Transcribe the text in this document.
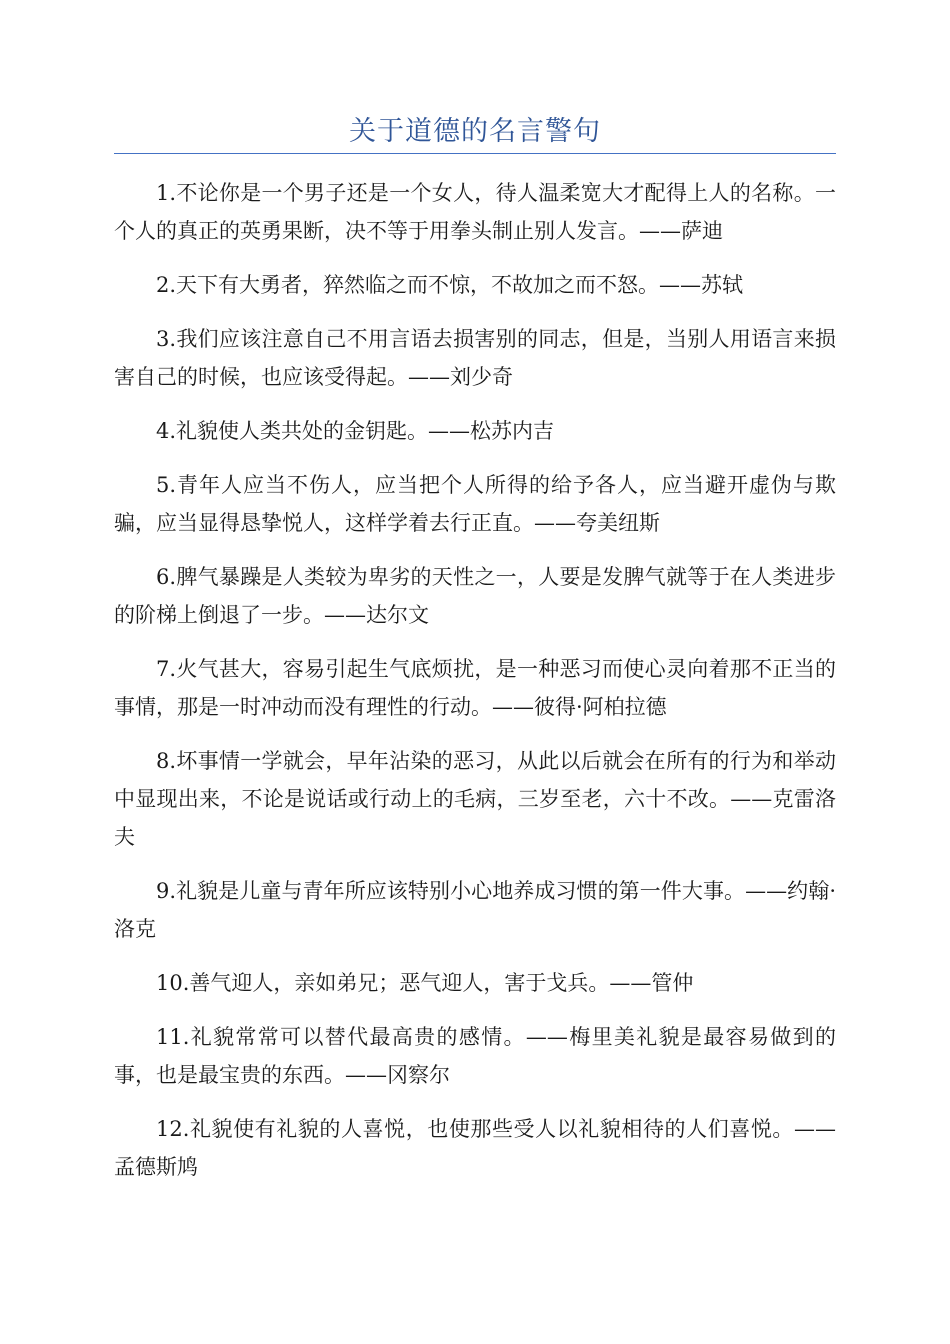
关于道德的名言警句

1.不论你是一个男子还是一个女人，待人温柔宽大才配得上人的名称。一个人的真正的英勇果断，决不等于用拳头制止别人发言。——萨迪

2.天下有大勇者，猝然临之而不惊，不故加之而不怒。——苏轼

3.我们应该注意自己不用言语去损害别的同志，但是，当别人用语言来损害自己的时候，也应该受得起。——刘少奇

4.礼貌使人类共处的金钥匙。——松苏内吉

5.青年人应当不伤人，应当把个人所得的给予各人，应当避开虚伪与欺骗，应当显得恳挚悦人，这样学着去行正直。——夸美纽斯

6.脾气暴躁是人类较为卑劣的天性之一，人要是发脾气就等于在人类进步的阶梯上倒退了一步。——达尔文

7.火气甚大，容易引起生气底烦扰，是一种恶习而使心灵向着那不正当的事情，那是一时冲动而没有理性的行动。——彼得·阿柏拉德

8.坏事情一学就会，早年沾染的恶习，从此以后就会在所有的行为和举动中显现出来，不论是说话或行动上的毛病，三岁至老，六十不改。——克雷洛夫

9.礼貌是儿童与青年所应该特别小心地养成习惯的第一件大事。——约翰·洛克

10.善气迎人，亲如弟兄；恶气迎人，害于戈兵。——管仲

11.礼貌常常可以替代最高贵的感情。——梅里美礼貌是最容易做到的事，也是最宝贵的东西。——冈察尔

12.礼貌使有礼貌的人喜悦，也使那些受人以礼貌相待的人们喜悦。——孟德斯鸠
